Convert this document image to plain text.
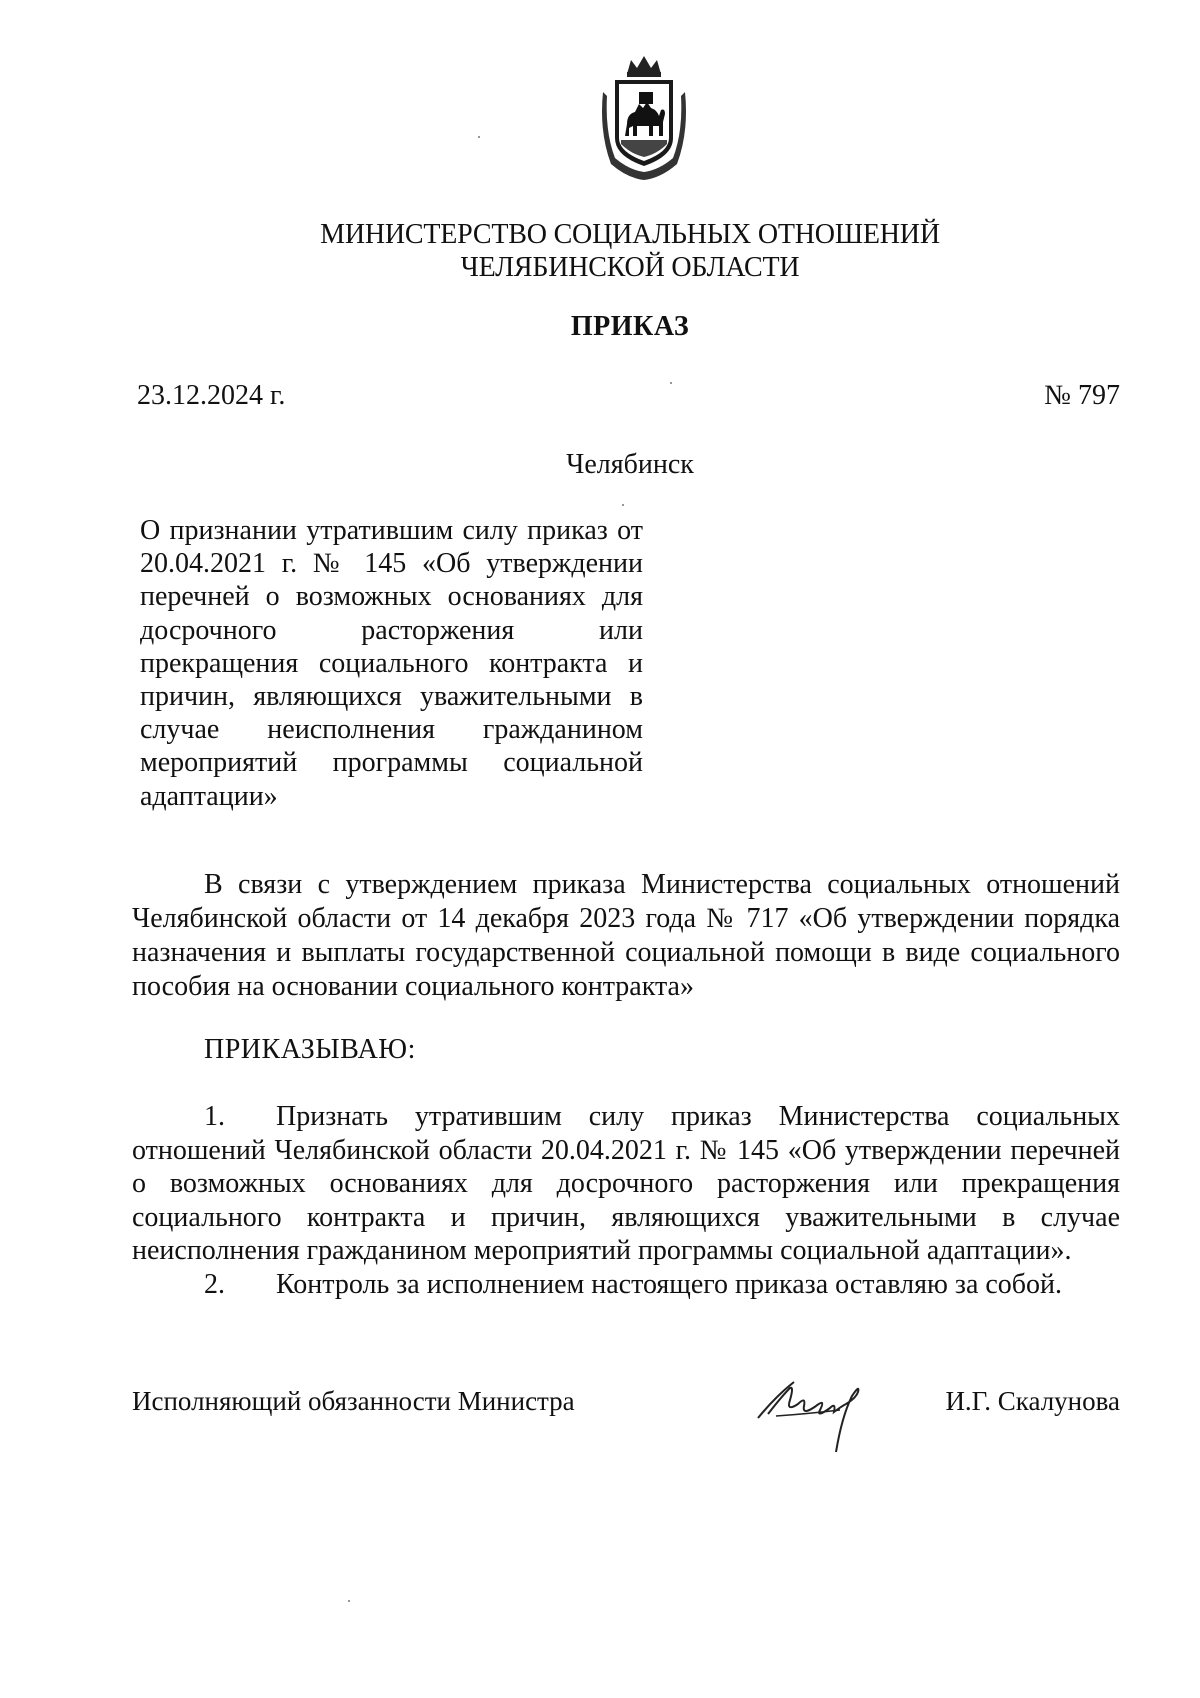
МИНИСТЕРСТВО СОЦИАЛЬНЫХ ОТНОШЕНИЙ
ЧЕЛЯБИНСКОЙ ОБЛАСТИ
ПРИКАЗ
23.12.2024 г.	№ 797
Челябинск
О признании утратившим силу приказ от 20.04.2021 г. № 145 «Об утверждении перечней о возможных основаниях для досрочного расторжения или прекращения социального контракта и причин, являющихся уважительными в случае неисполнения гражданином мероприятий программы социальной адаптации»
В связи с утверждением приказа Министерства социальных отношений Челябинской области от 14 декабря 2023 года № 717 «Об утверждении порядка назначения и выплаты государственной социальной помощи в виде социального пособия на основании социального контракта»
ПРИКАЗЫВАЮ:
1. Признать утратившим силу приказ Министерства социальных отношений Челябинской области 20.04.2021 г. № 145 «Об утверждении перечней о возможных основаниях для досрочного расторжения или прекращения социального контракта и причин, являющихся уважительными в случае неисполнения гражданином мероприятий программы социальной адаптации».
2. Контроль за исполнением настоящего приказа оставляю за собой.
Исполняющий обязанности Министра	И.Г. Скалунова
